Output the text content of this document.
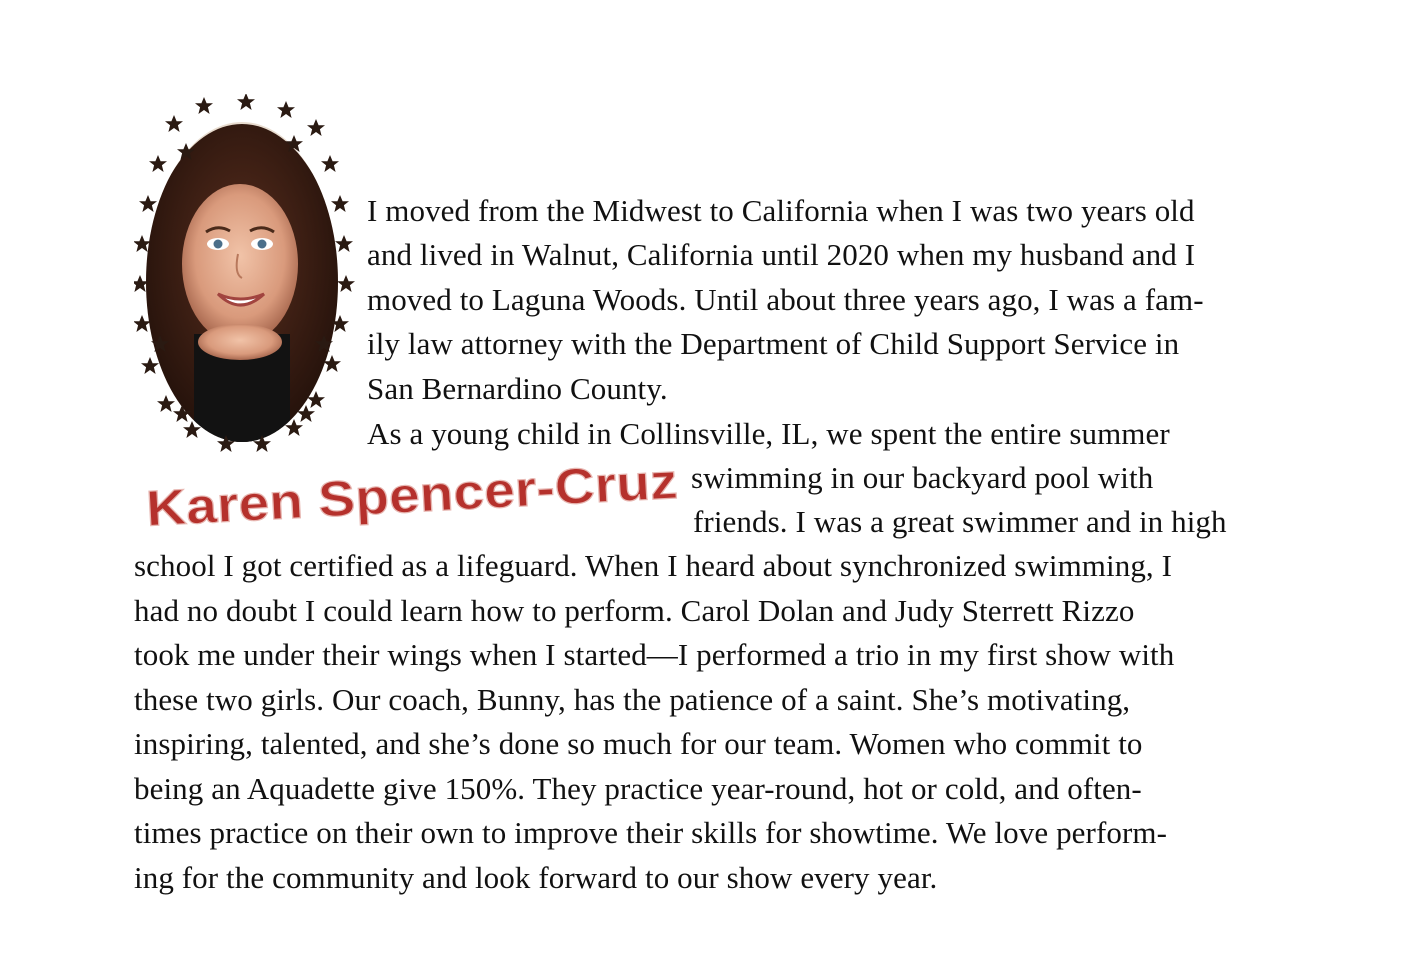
Karen Spencer-Cruz
I moved from the Midwest to California when I was two years old
and lived in Walnut, California until 2020 when my husband and I
moved to Laguna Woods. Until about three years ago, I was a fam-
ily law attorney with the Department of Child Support Service in
San Bernardino County.
As a young child in Collinsville, IL, we spent the entire summer
swimming in our backyard pool with
friends. I was a great swimmer and in high
school I got certified as a lifeguard. When I heard about synchronized swimming, I
had no doubt I could learn how to perform. Carol Dolan and Judy Sterrett Rizzo
took me under their wings when I started—I performed a trio in my first show with
these two girls. Our coach, Bunny, has the patience of a saint. She’s motivating,
inspiring, talented, and she’s done so much for our team. Women who commit to
being an Aquadette give 150%. They practice year-round, hot or cold, and often-
times practice on their own to improve their skills for showtime. We love perform-
ing for the community and look forward to our show every year.
